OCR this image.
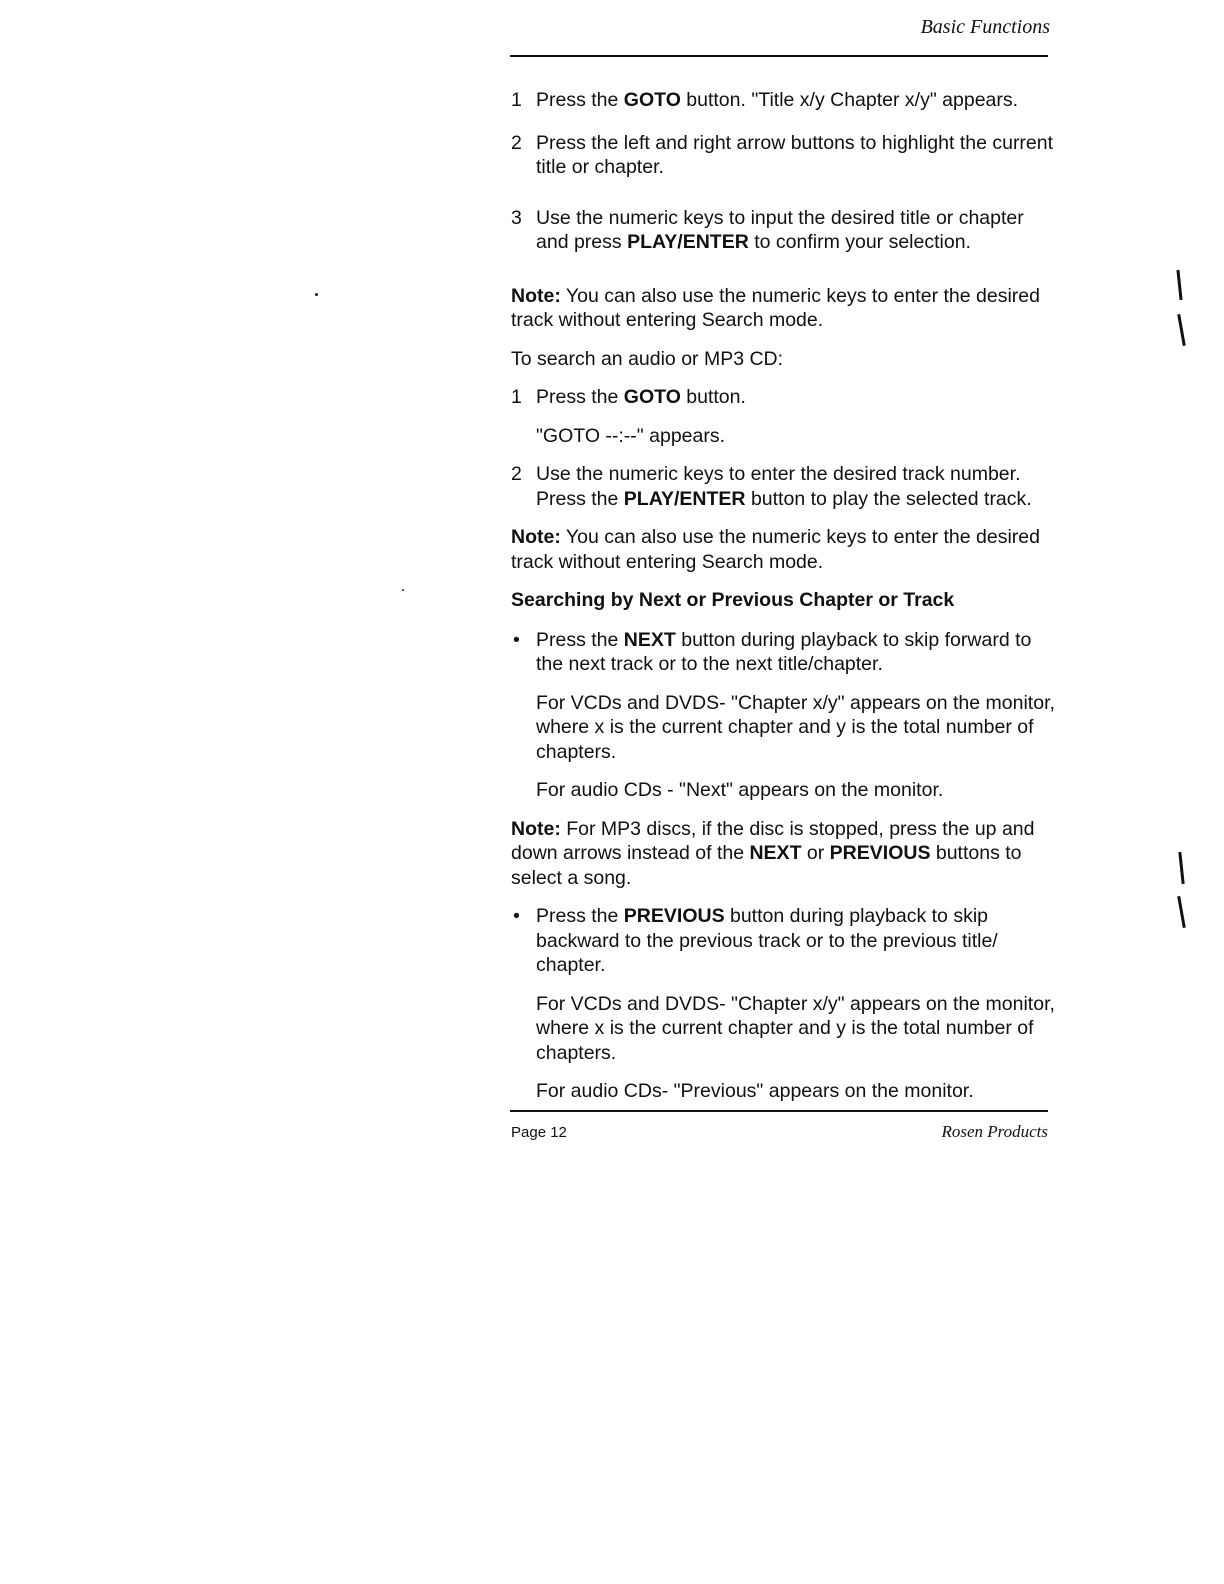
Basic Functions
1 Press the GOTO button. "Title x/y Chapter x/y" appears.
2 Press the left and right arrow buttons to highlight the current title or chapter.
3 Use the numeric keys to input the desired title or chapter and press PLAY/ENTER to confirm your selection.

Note: You can also use the numeric keys to enter the desired track without entering Search mode.

To search an audio or MP3 CD:

1 Press the GOTO button.

"GOTO --:--" appears.

2 Use the numeric keys to enter the desired track number. Press the PLAY/ENTER button to play the selected track.

Note: You can also use the numeric keys to enter the desired track without entering Search mode.

Searching by Next or Previous Chapter or Track

• Press the NEXT button during playback to skip forward to the next track or to the next title/chapter.

For VCDs and DVDS- "Chapter x/y" appears on the monitor, where x is the current chapter and y is the total number of chapters.

For audio CDs - "Next" appears on the monitor.

Note: For MP3 discs, if the disc is stopped, press the up and down arrows instead of the NEXT or PREVIOUS buttons to select a song.

• Press the PREVIOUS button during playback to skip backward to the previous track or to the previous title/ chapter.

For VCDs and DVDS- "Chapter x/y" appears on the monitor, where x is the current chapter and y is the total number of chapters.

For audio CDs- "Previous" appears on the monitor.

Page 12	Rosen Products
